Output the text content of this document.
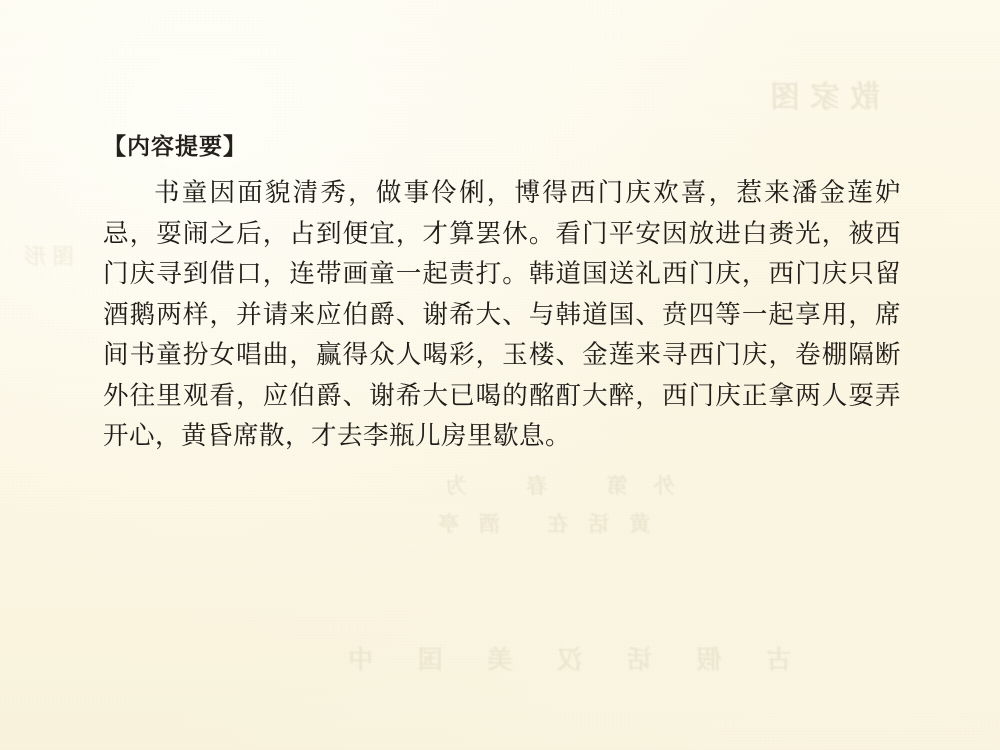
散家图
图形
外第 春 为
黄话在 酒亭
古 假 话 汉 美 国 中
【内容提要】

书童因面貌清秀，做事伶俐，博得西门庆欢喜，惹来潘金莲妒忌，耍闹之后，占到便宜，才算罢休。看门平安因放进白赉光，被西门庆寻到借口，连带画童一起责打。韩道国送礼西门庆，西门庆只留酒鹅两样，并请来应伯爵、谢希大、与韩道国、贲四等一起享用，席间书童扮女唱曲，赢得众人喝彩，玉楼、金莲来寻西门庆，卷棚隔断外往里观看，应伯爵、谢希大已喝的酩酊大醉，西门庆正拿两人耍弄开心，黄昏席散，才去李瓶儿房里歇息。
